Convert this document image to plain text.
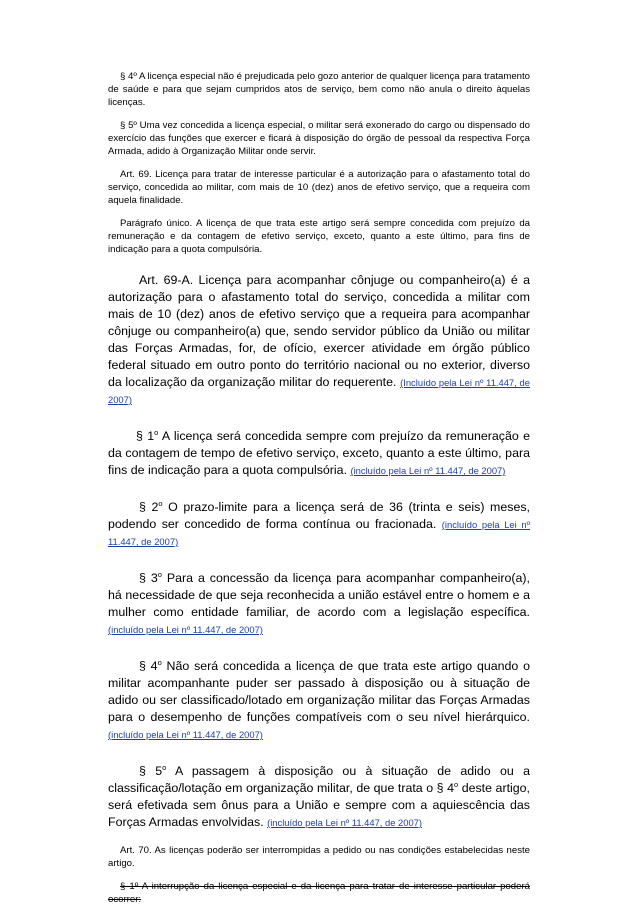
§ 4º A licença especial não é prejudicada pelo gozo anterior de qualquer licença para tratamento de saúde e para que sejam cumpridos atos de serviço, bem como não anula o direito àquelas licenças.

§ 5º Uma vez concedida a licença especial, o militar será exonerado do cargo ou dispensado do exercício das funções que exercer e ficará à disposição do órgão de pessoal da respectiva Força Armada, adido à Organização Militar onde servir.

Art. 69. Licença para tratar de interesse particular é a autorização para o afastamento total do serviço, concedida ao militar, com mais de 10 (dez) anos de efetivo serviço, que a requeira com aquela finalidade.

Parágrafo único. A licença de que trata este artigo será sempre concedida com prejuízo da remuneração e da contagem de efetivo serviço, exceto, quanto a este último, para fins de indicação para a quota compulsória.

Art. 69-A. Licença para acompanhar cônjuge ou companheiro(a) é a autorização para o afastamento total do serviço, concedida a militar com mais de 10 (dez) anos de efetivo serviço que a requeira para acompanhar cônjuge ou companheiro(a) que, sendo servidor público da União ou militar das Forças Armadas, for, de ofício, exercer atividade em órgão público federal situado em outro ponto do território nacional ou no exterior, diverso da localização da organização militar do requerente. (Incluído pela Lei nº 11.447, de 2007)

§ 1$^o$ A licença será concedida sempre com prejuízo da remuneração e da contagem de tempo de efetivo serviço, exceto, quanto a este último, para fins de indicação para a quota compulsória. (incluído pela Lei nº 11.447, de 2007)

§ 2$^o$ O prazo-limite para a licença será de 36 (trinta e seis) meses, podendo ser concedido de forma contínua ou fracionada. (incluído pela Lei nº 11.447, de 2007)

§ 3$^o$ Para a concessão da licença para acompanhar companheiro(a), há necessidade de que seja reconhecida a união estável entre o homem e a mulher como entidade familiar, de acordo com a legislação específica. (incluído pela Lei nº 11.447, de 2007)

§ 4$^o$ Não será concedida a licença de que trata este artigo quando o militar acompanhante puder ser passado à disposição ou à situação de adido ou ser classificado/lotado em organização militar das Forças Armadas para o desempenho de funções compatíveis com o seu nível hierárquico. (incluído pela Lei nº 11.447, de 2007)

§ 5$^o$ A passagem à disposição ou à situação de adido ou a classificação/lotação em organização militar, de que trata o § 4$^o$ deste artigo, será efetivada sem ônus para a União e sempre com a aquiescência das Forças Armadas envolvidas. (incluído pela Lei nº 11.447, de 2007)

Art. 70. As licenças poderão ser interrompidas a pedido ou nas condições estabelecidas neste artigo.

§ 1º A interrupção da licença especial e da licença para tratar de interesse particular poderá ocorrer:
